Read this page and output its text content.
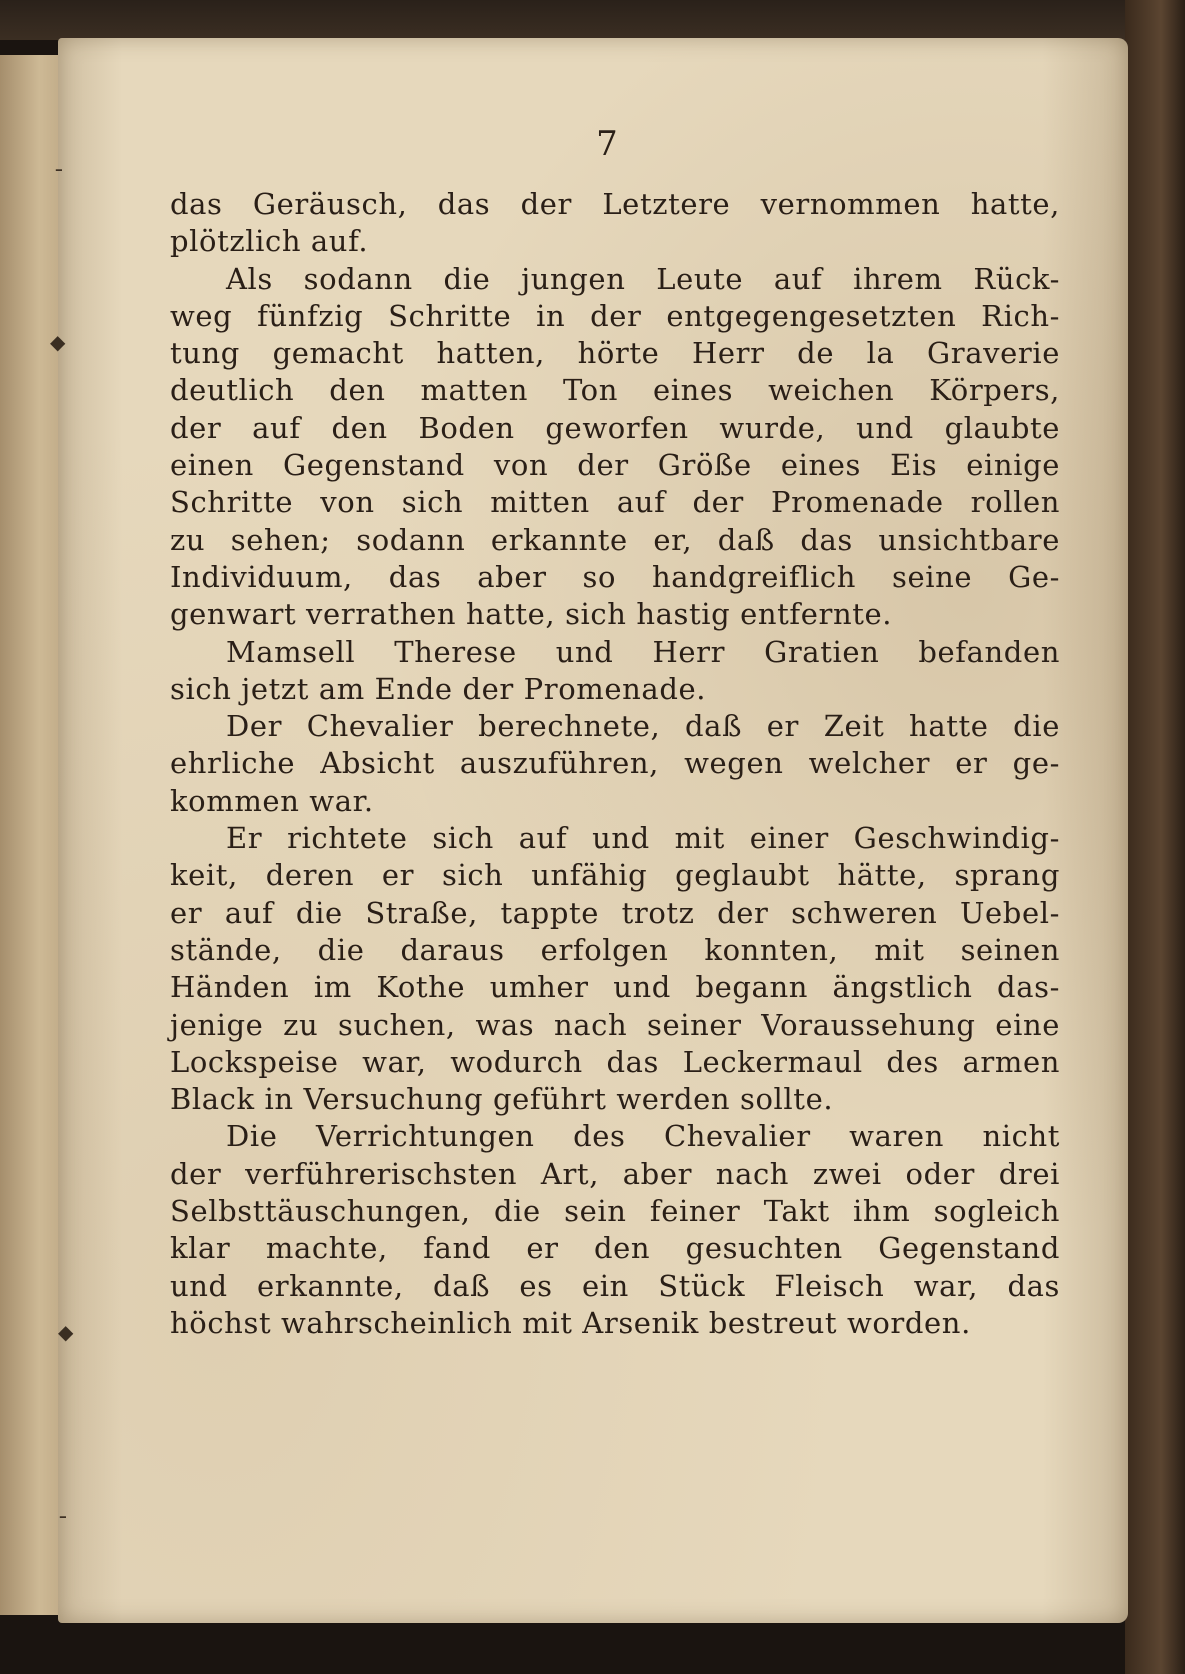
7
das Geräusch, das der Letztere vernommen hatte,
plötzlich auf.
Als sodann die jungen Leute auf ihrem Rück-
weg fünfzig Schritte in der entgegengesetzten Rich-
tung gemacht hatten, hörte Herr de la Graverie
deutlich den matten Ton eines weichen Körpers,
der auf den Boden geworfen wurde, und glaubte
einen Gegenstand von der Größe eines Eis einige
Schritte von sich mitten auf der Promenade rollen
zu sehen; sodann erkannte er, daß das unsichtbare
Individuum, das aber so handgreiflich seine Ge-
genwart verrathen hatte, sich hastig entfernte.
Mamsell Therese und Herr Gratien befanden
sich jetzt am Ende der Promenade.
Der Chevalier berechnete, daß er Zeit hatte die
ehrliche Absicht auszuführen, wegen welcher er ge-
kommen war.
Er richtete sich auf und mit einer Geschwindig-
keit, deren er sich unfähig geglaubt hätte, sprang
er auf die Straße, tappte trotz der schweren Uebel-
stände, die daraus erfolgen konnten, mit seinen
Händen im Kothe umher und begann ängstlich das-
jenige zu suchen, was nach seiner Voraussehung eine
Lockspeise war, wodurch das Leckermaul des armen
Black in Versuchung geführt werden sollte.
Die Verrichtungen des Chevalier waren nicht
der verführerischsten Art, aber nach zwei oder drei
Selbsttäuschungen, die sein feiner Takt ihm sogleich
klar machte, fand er den gesuchten Gegenstand
und erkannte, daß es ein Stück Fleisch war, das
höchst wahrscheinlich mit Arsenik bestreut worden.
╴
◆
◆
╴
